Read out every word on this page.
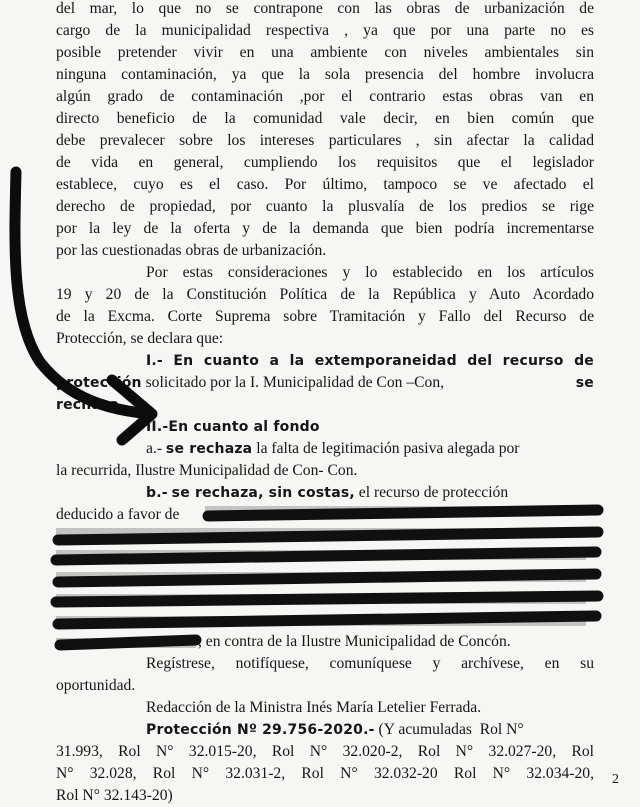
del mar, lo que no se contrapone con las obras de urbanización de
cargo de la municipalidad respectiva , ya que por una parte no es
posible pretender vivir en una ambiente con niveles ambientales sin
ninguna contaminación, ya que la sola presencia del hombre involucra
algún grado de contaminación ,por el contrario estas obras van en
directo beneficio de la comunidad vale decir, en bien común que
debe prevalecer sobre los intereses particulares , sin afectar la calidad
de vida en general, cumpliendo los requisitos que el legislador
establece, cuyo es el caso. Por último, tampoco se ve afectado el
derecho de propiedad, por cuanto la plusvalía de los predios se rige
por la ley de la oferta y de la demanda que bien podría incrementarse
por las cuestionadas obras de urbanización.
Por estas consideraciones y lo establecido en los artículos
19 y 20 de la Constitución Política de la República y Auto Acordado
de la Excma. Corte Suprema sobre Tramitación y Fallo del Recurso de
Protección, se declara que:
I.- En cuanto a la extemporaneidad del recurso de
protección solicitado por la I. Municipalidad de Con –Con,	se
rechaza.
II.-En cuanto al fondo
a.- se rechaza la falta de legitimación pasiva alegada por
la recurrida, Ilustre Municipalidad de Con- Con.
b.- se rechaza, sin costas, el recurso de protección
deducido a favor de
, en contra de la Ilustre Municipalidad de Concón.
Regístrese, notifíquese, comuníquese y archívese, en su
oportunidad.
Redacción de la Ministra Inés María Letelier Ferrada.
Protección Nº 29.756-2020.- (Y acumuladas  Rol N°
31.993, Rol N° 32.015-20, Rol N° 32.020-2, Rol N° 32.027-20, Rol
N° 32.028, Rol N° 32.031-2, Rol N° 32.032-20 Rol N° 32.034-20,
Rol N° 32.143-20)
2
